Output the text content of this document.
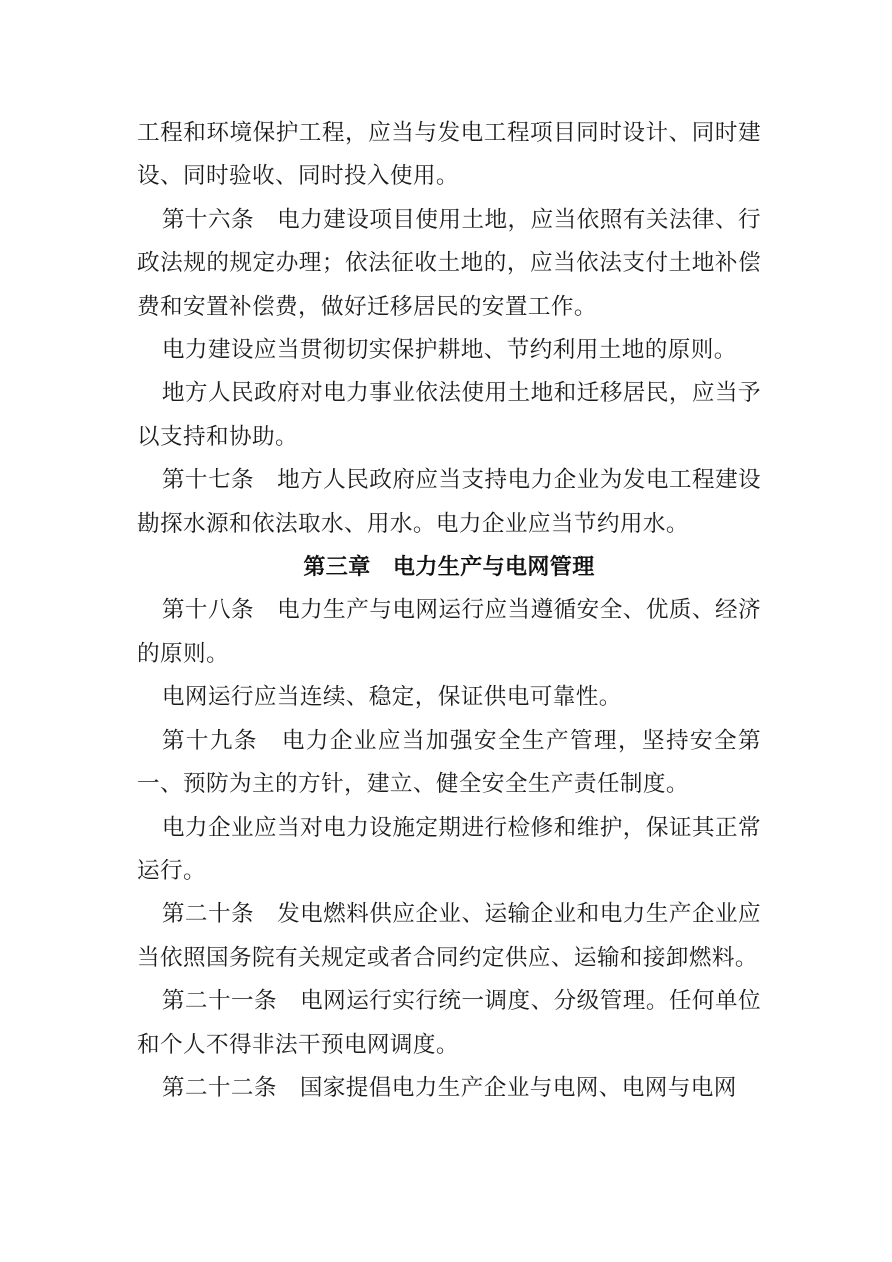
工程和环境保护工程，应当与发电工程项目同时设计、同时建设、同时验收、同时投入使用。

第十六条　电力建设项目使用土地，应当依照有关法律、行政法规的规定办理；依法征收土地的，应当依法支付土地补偿费和安置补偿费，做好迁移居民的安置工作。

电力建设应当贯彻切实保护耕地、节约利用土地的原则。

地方人民政府对电力事业依法使用土地和迁移居民，应当予以支持和协助。

第十七条　地方人民政府应当支持电力企业为发电工程建设勘探水源和依法取水、用水。电力企业应当节约用水。

第三章　电力生产与电网管理

第十八条　电力生产与电网运行应当遵循安全、优质、经济的原则。

电网运行应当连续、稳定，保证供电可靠性。

第十九条　电力企业应当加强安全生产管理，坚持安全第一、预防为主的方针，建立、健全安全生产责任制度。

电力企业应当对电力设施定期进行检修和维护，保证其正常运行。

第二十条　发电燃料供应企业、运输企业和电力生产企业应当依照国务院有关规定或者合同约定供应、运输和接卸燃料。

第二十一条　电网运行实行统一调度、分级管理。任何单位和个人不得非法干预电网调度。

第二十二条　国家提倡电力生产企业与电网、电网与电网
